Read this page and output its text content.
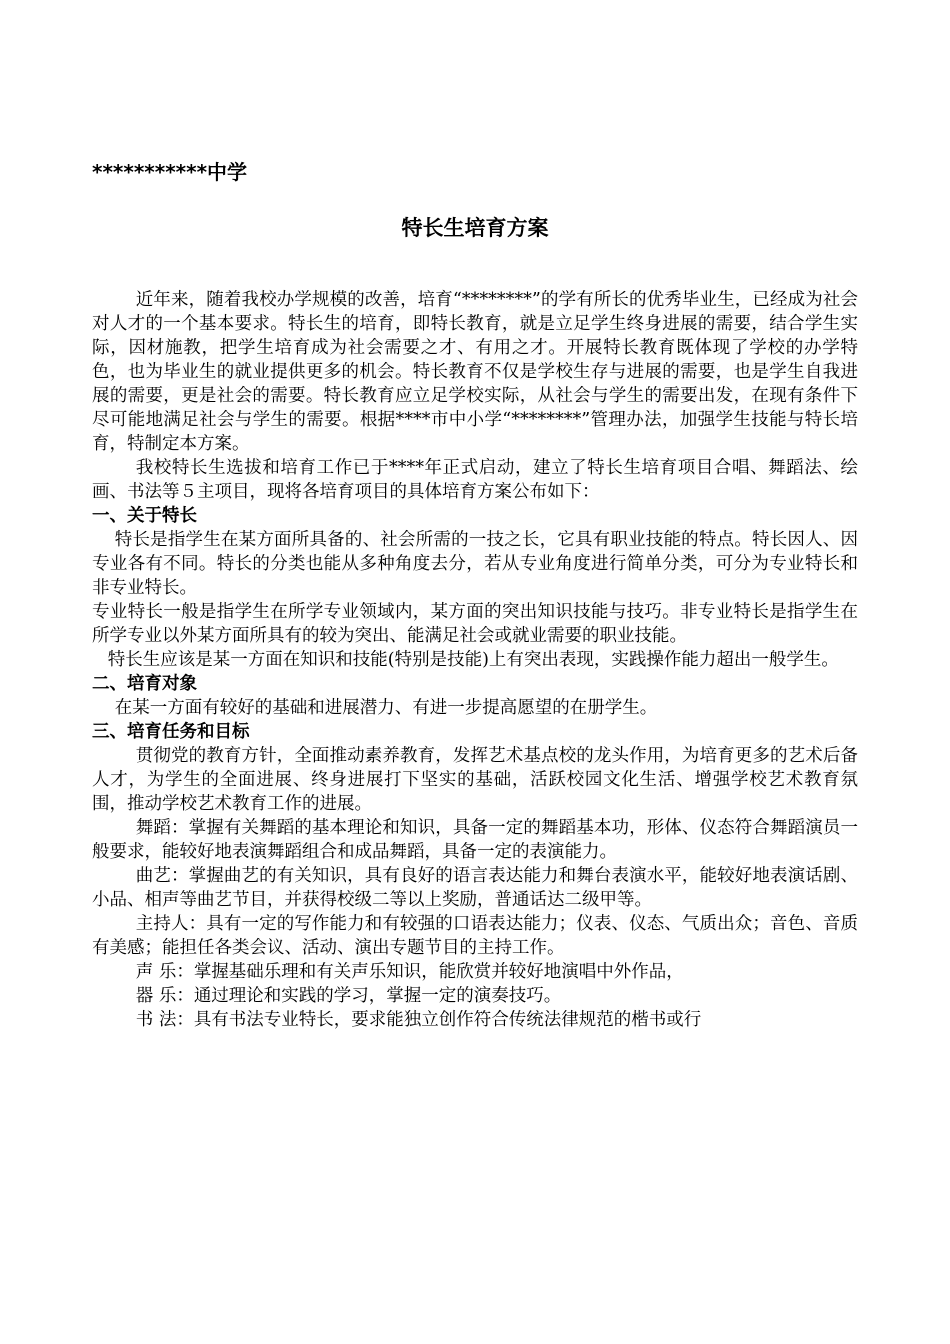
***********中学
特长生培育方案

近年来，随着我校办学规模的改善，培育“********”的学有所长的优秀毕业生，已经成为社会对人才的一个基本要求。特长生的培育，即特长教育，就是立足学生终身进展的需要，结合学生实际，因材施教，把学生培育成为社会需要之才、有用之才。开展特长教育既体现了学校的办学特色，也为毕业生的就业提供更多的机会。特长教育不仅是学校生存与进展的需要，也是学生自我进展的需要，更是社会的需要。特长教育应立足学校实际，从社会与学生的需要出发，在现有条件下尽可能地满足社会与学生的需要。根据****市中小学“********”管理办法，加强学生技能与特长培育，特制定本方案。

我校特长生选拔和培育工作已于****年正式启动，建立了特长生培育项目合唱、舞蹈法、绘画、书法等５主项目，现将各培育项目的具体培育方案公布如下：

一、关于特长

特长是指学生在某方面所具备的、社会所需的一技之长，它具有职业技能的特点。特长因人、因专业各有不同。特长的分类也能从多种角度去分，若从专业角度进行简单分类，可分为专业特长和非专业特长。

专业特长一般是指学生在所学专业领域内，某方面的突出知识技能与技巧。非专业特长是指学生在所学专业以外某方面所具有的较为突出、能满足社会或就业需要的职业技能。

特长生应该是某一方面在知识和技能(特别是技能)上有突出表现，实践操作能力超出一般学生。

二、培育对象

在某一方面有较好的基础和进展潜力、有进一步提高愿望的在册学生。

三、培育任务和目标

贯彻党的教育方针，全面推动素养教育，发挥艺术基点校的龙头作用，为培育更多的艺术后备人才，为学生的全面进展、终身进展打下坚实的基础，活跃校园文化生活、增强学校艺术教育氛围，推动学校艺术教育工作的进展。

舞蹈：掌握有关舞蹈的基本理论和知识，具备一定的舞蹈基本功，形体、仪态符合舞蹈演员一般要求，能较好地表演舞蹈组合和成品舞蹈，具备一定的表演能力。

曲艺：掌握曲艺的有关知识，具有良好的语言表达能力和舞台表演水平，能较好地表演话剧、小品、相声等曲艺节目，并获得校级二等以上奖励，普通话达二级甲等。

主持人：具有一定的写作能力和有较强的口语表达能力；仪表、仪态、气质出众；音色、音质有美感；能担任各类会议、活动、演出专题节目的主持工作。

声 乐：掌握基础乐理和有关声乐知识，能欣赏并较好地演唱中外作品，

器 乐：通过理论和实践的学习，掌握一定的演奏技巧。

书 法：具有书法专业特长，要求能独立创作符合传统法律规范的楷书或行
